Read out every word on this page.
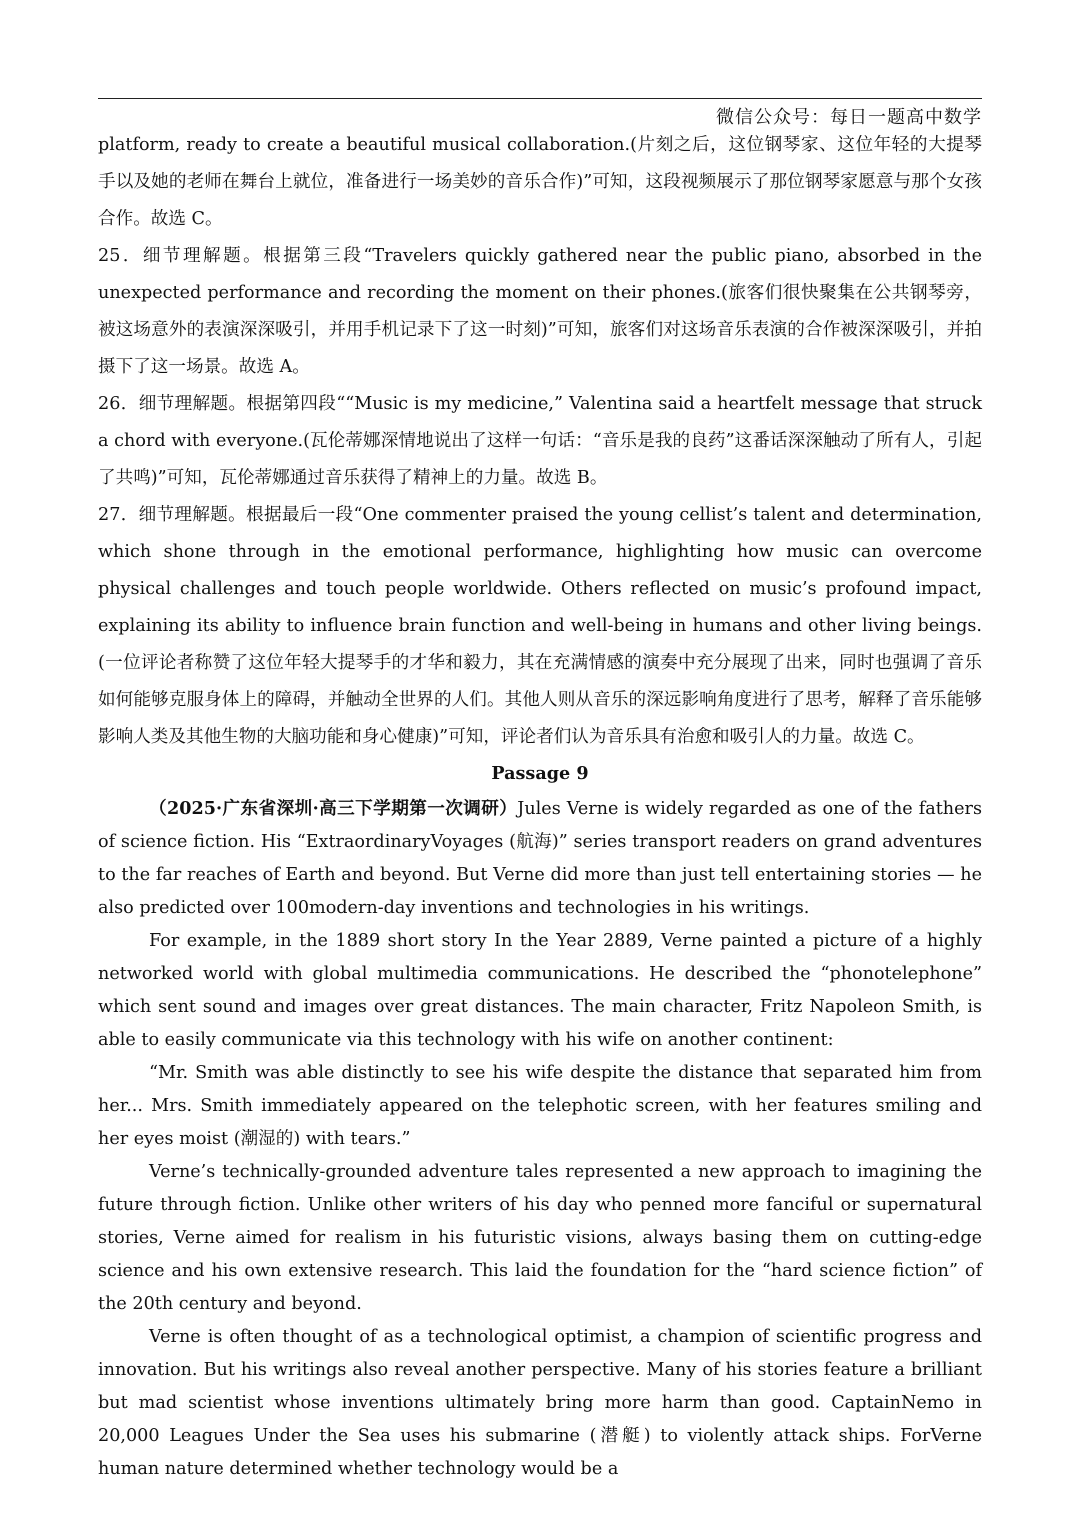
微信公众号：每日一题高中数学

platform, ready to create a beautiful musical collaboration.(片刻之后，这位钢琴家、这位年轻的大提琴手以及她的老师在舞台上就位，准备进行一场美妙的音乐合作)”可知，这段视频展示了那位钢琴家愿意与那个女孩合作。故选 C。

25．细节理解题。根据第三段“Travelers quickly gathered near the public piano, absorbed in the unexpected performance and recording the moment on their phones.(旅客们很快聚集在公共钢琴旁，被这场意外的表演深深吸引，并用手机记录下了这一时刻)”可知，旅客们对这场音乐表演的合作被深深吸引，并拍摄下了这一场景。故选 A。

26．细节理解题。根据第四段““Music is my medicine,” Valentina said a heartfelt message that struck a chord with everyone.(瓦伦蒂娜深情地说出了这样一句话：“音乐是我的良药”这番话深深触动了所有人，引起了共鸣)”可知，瓦伦蒂娜通过音乐获得了精神上的力量。故选 B。

27．细节理解题。根据最后一段“One commenter praised the young cellist’s talent and determination, which shone through in the emotional performance, highlighting how music can overcome physical challenges and touch people worldwide. Others reflected on music’s profound impact, explaining its ability to influence brain function and well-being in humans and other living beings.(一位评论者称赞了这位年轻大提琴手的才华和毅力，其在充满情感的演奏中充分展现了出来，同时也强调了音乐如何能够克服身体上的障碍，并触动全世界的人们。其他人则从音乐的深远影响角度进行了思考，解释了音乐能够影响人类及其他生物的大脑功能和身心健康)”可知，评论者们认为音乐具有治愈和吸引人的力量。故选 C。

Passage 9

（2025·广东省深圳·高三下学期第一次调研）Jules Verne is widely regarded as one of the fathers of science fiction. His “ExtraordinaryVoyages (航海)” series transport readers on grand adventures to the far reaches of Earth and beyond. But Verne did more than just tell entertaining stories — he also predicted over 100modern-day inventions and technologies in his writings.

For example, in the 1889 short story In the Year 2889, Verne painted a picture of a highly networked world with global multimedia communications. He described the “phonotelephone” which sent sound and images over great distances. The main character, Fritz Napoleon Smith, is able to easily communicate via this technology with his wife on another continent:

“Mr. Smith was able distinctly to see his wife despite the distance that separated him from her... Mrs. Smith immediately appeared on the telephotic screen, with her features smiling and her eyes moist (潮湿的) with tears.”

Verne’s technically-grounded adventure tales represented a new approach to imagining the future through fiction. Unlike other writers of his day who penned more fanciful or supernatural stories, Verne aimed for realism in his futuristic visions, always basing them on cutting-edge science and his own extensive research. This laid the foundation for the “hard science fiction” of the 20th century and beyond.

Verne is often thought of as a technological optimist, a champion of scientific progress and innovation. But his writings also reveal another perspective. Many of his stories feature a brilliant but mad scientist whose inventions ultimately bring more harm than good. CaptainNemo in 20,000 Leagues Under the Sea uses his submarine (潜艇) to violently attack ships. ForVerne human nature determined whether technology would be a
